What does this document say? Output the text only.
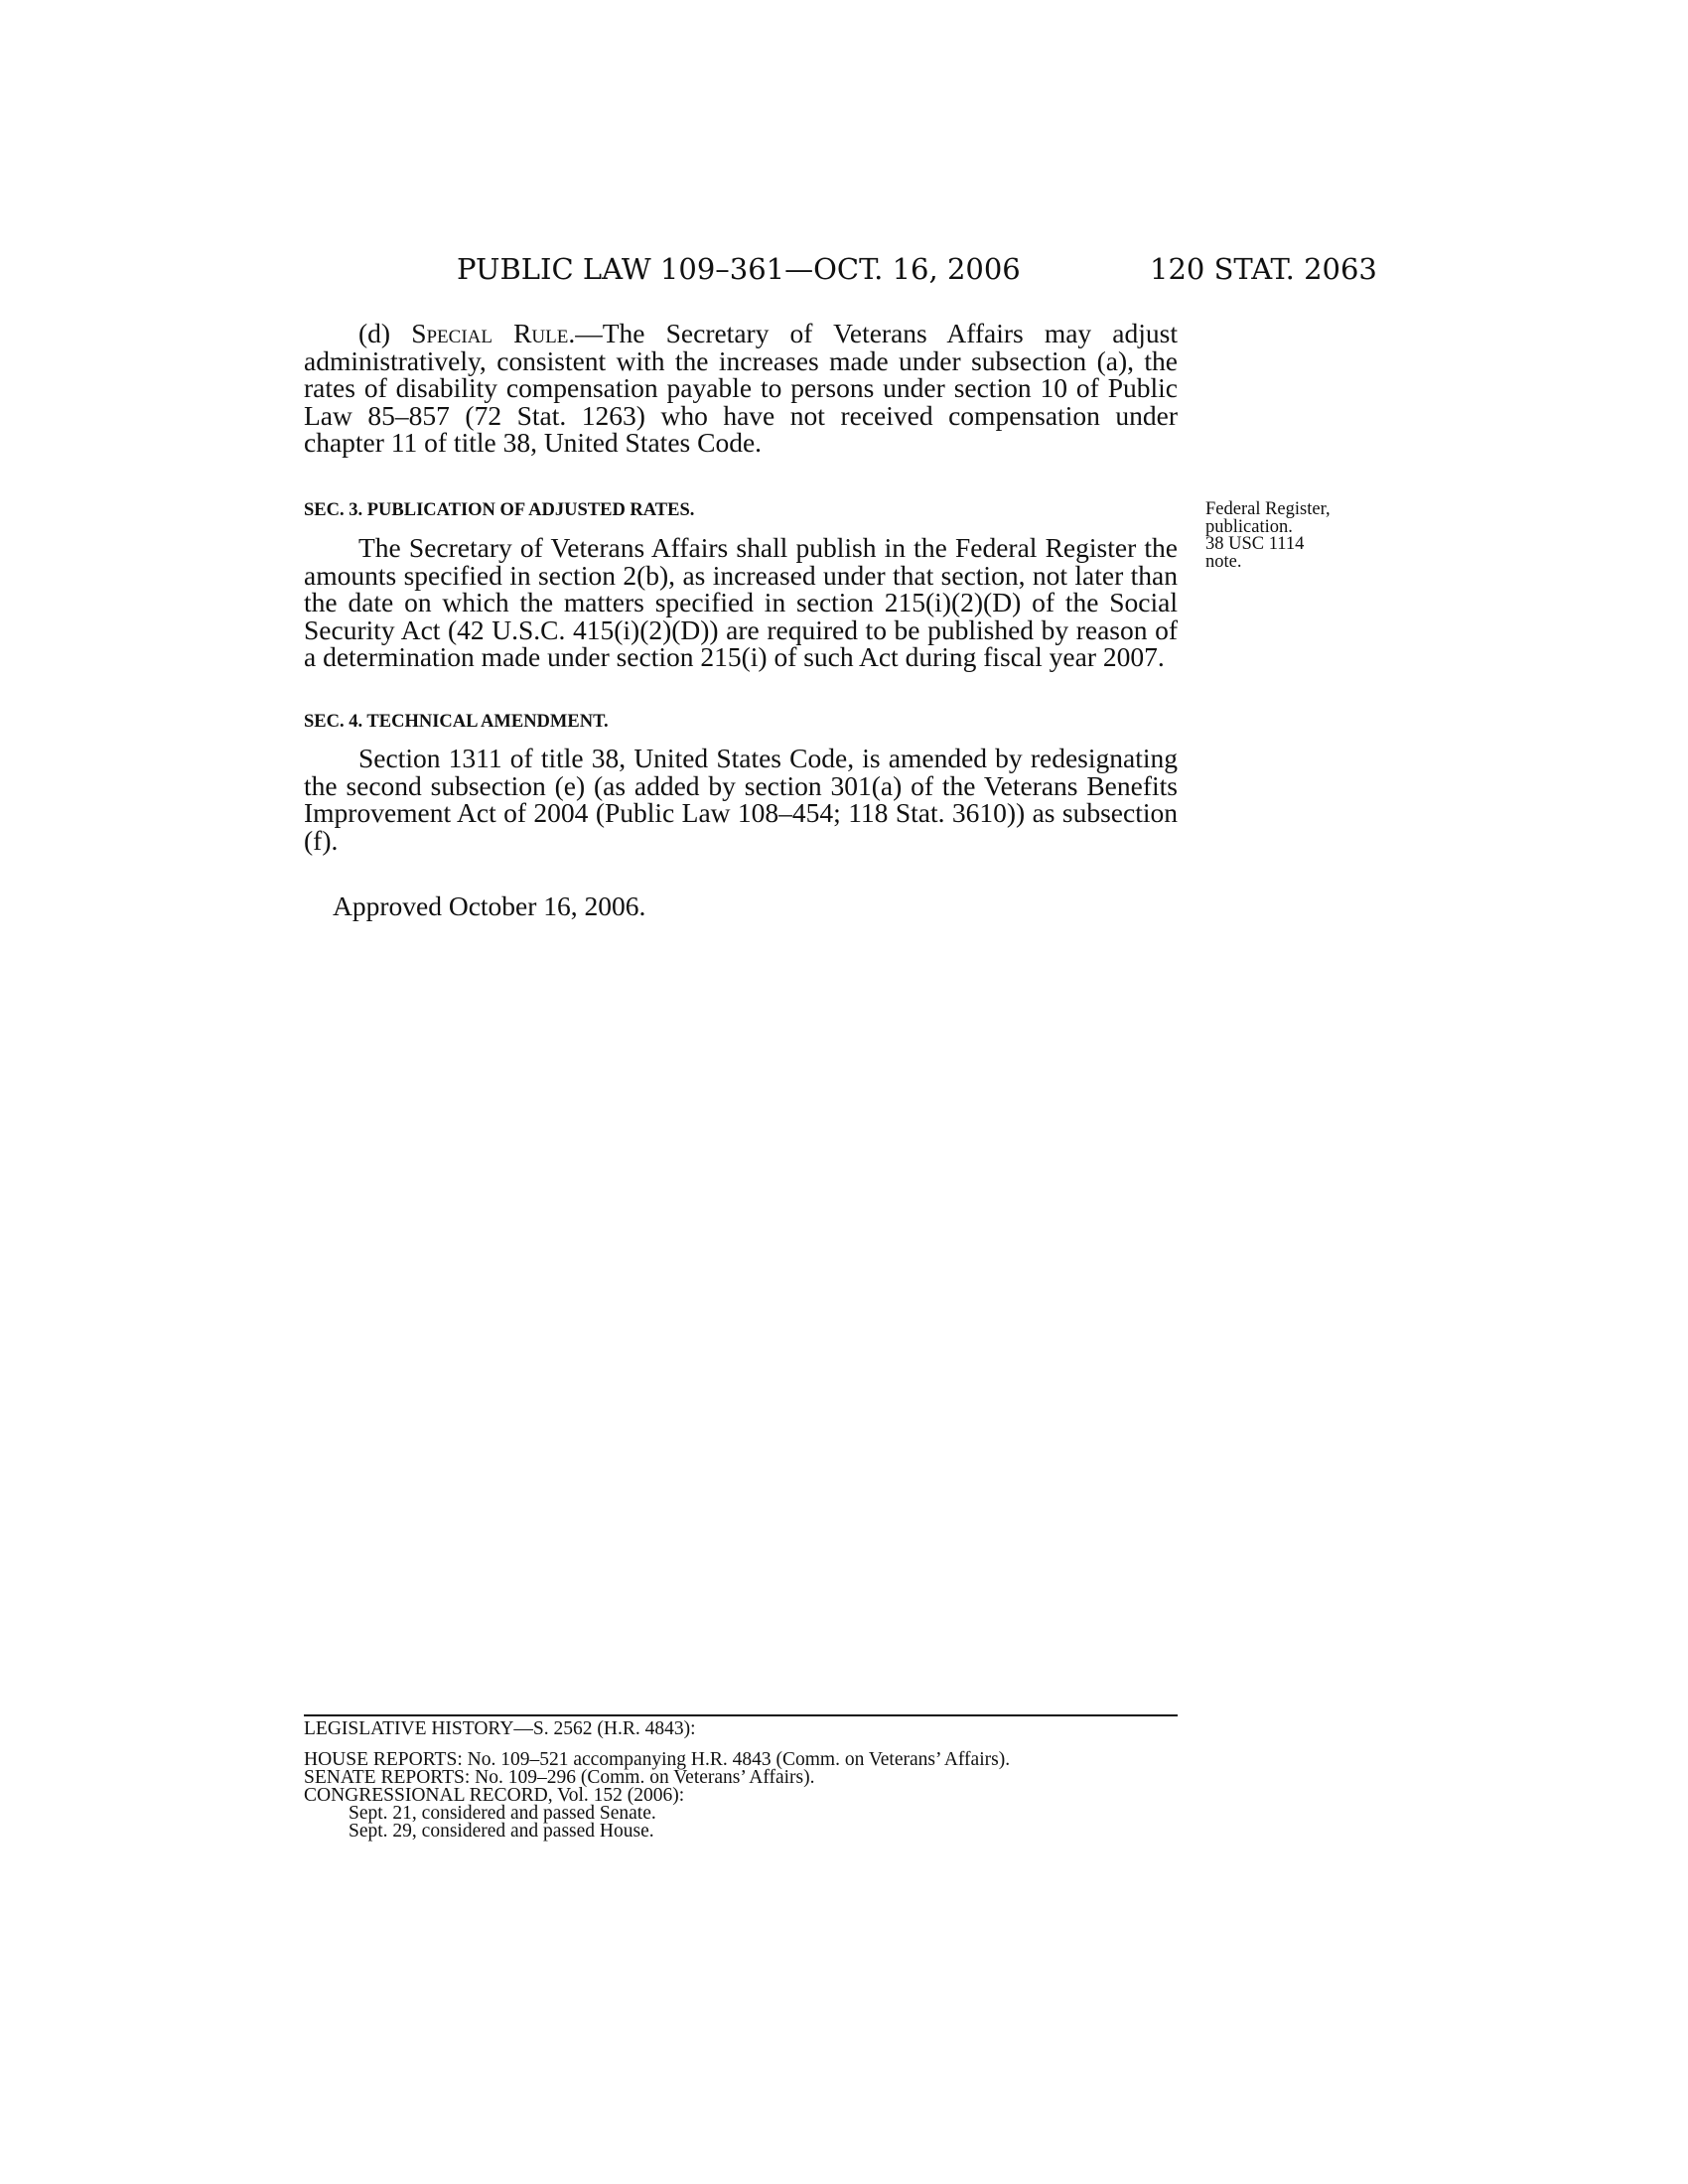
PUBLIC LAW 109–361—OCT. 16, 2006	120 STAT. 2063

(d) Special Rule.—The Secretary of Veterans Affairs may adjust administratively, consistent with the increases made under subsection (a), the rates of disability compensation payable to persons under section 10 of Public Law 85–857 (72 Stat. 1263) who have not received compensation under chapter 11 of title 38, United States Code.

SEC. 3. PUBLICATION OF ADJUSTED RATES.

The Secretary of Veterans Affairs shall publish in the Federal Register the amounts specified in section 2(b), as increased under that section, not later than the date on which the matters specified in section 215(i)(2)(D) of the Social Security Act (42 U.S.C. 415(i)(2)(D)) are required to be published by reason of a determination made under section 215(i) of such Act during fiscal year 2007.

Federal Register,
publication.
38 USC 1114
note.

SEC. 4. TECHNICAL AMENDMENT.

Section 1311 of title 38, United States Code, is amended by redesignating the second subsection (e) (as added by section 301(a) of the Veterans Benefits Improvement Act of 2004 (Public Law 108–454; 118 Stat. 3610)) as subsection (f).

Approved October 16, 2006.
LEGISLATIVE HISTORY—S. 2562 (H.R. 4843):
HOUSE REPORTS: No. 109–521 accompanying H.R. 4843 (Comm. on Veterans’ Affairs).
SENATE REPORTS: No. 109–296 (Comm. on Veterans’ Affairs).
CONGRESSIONAL RECORD, Vol. 152 (2006):
Sept. 21, considered and passed Senate.
Sept. 29, considered and passed House.
